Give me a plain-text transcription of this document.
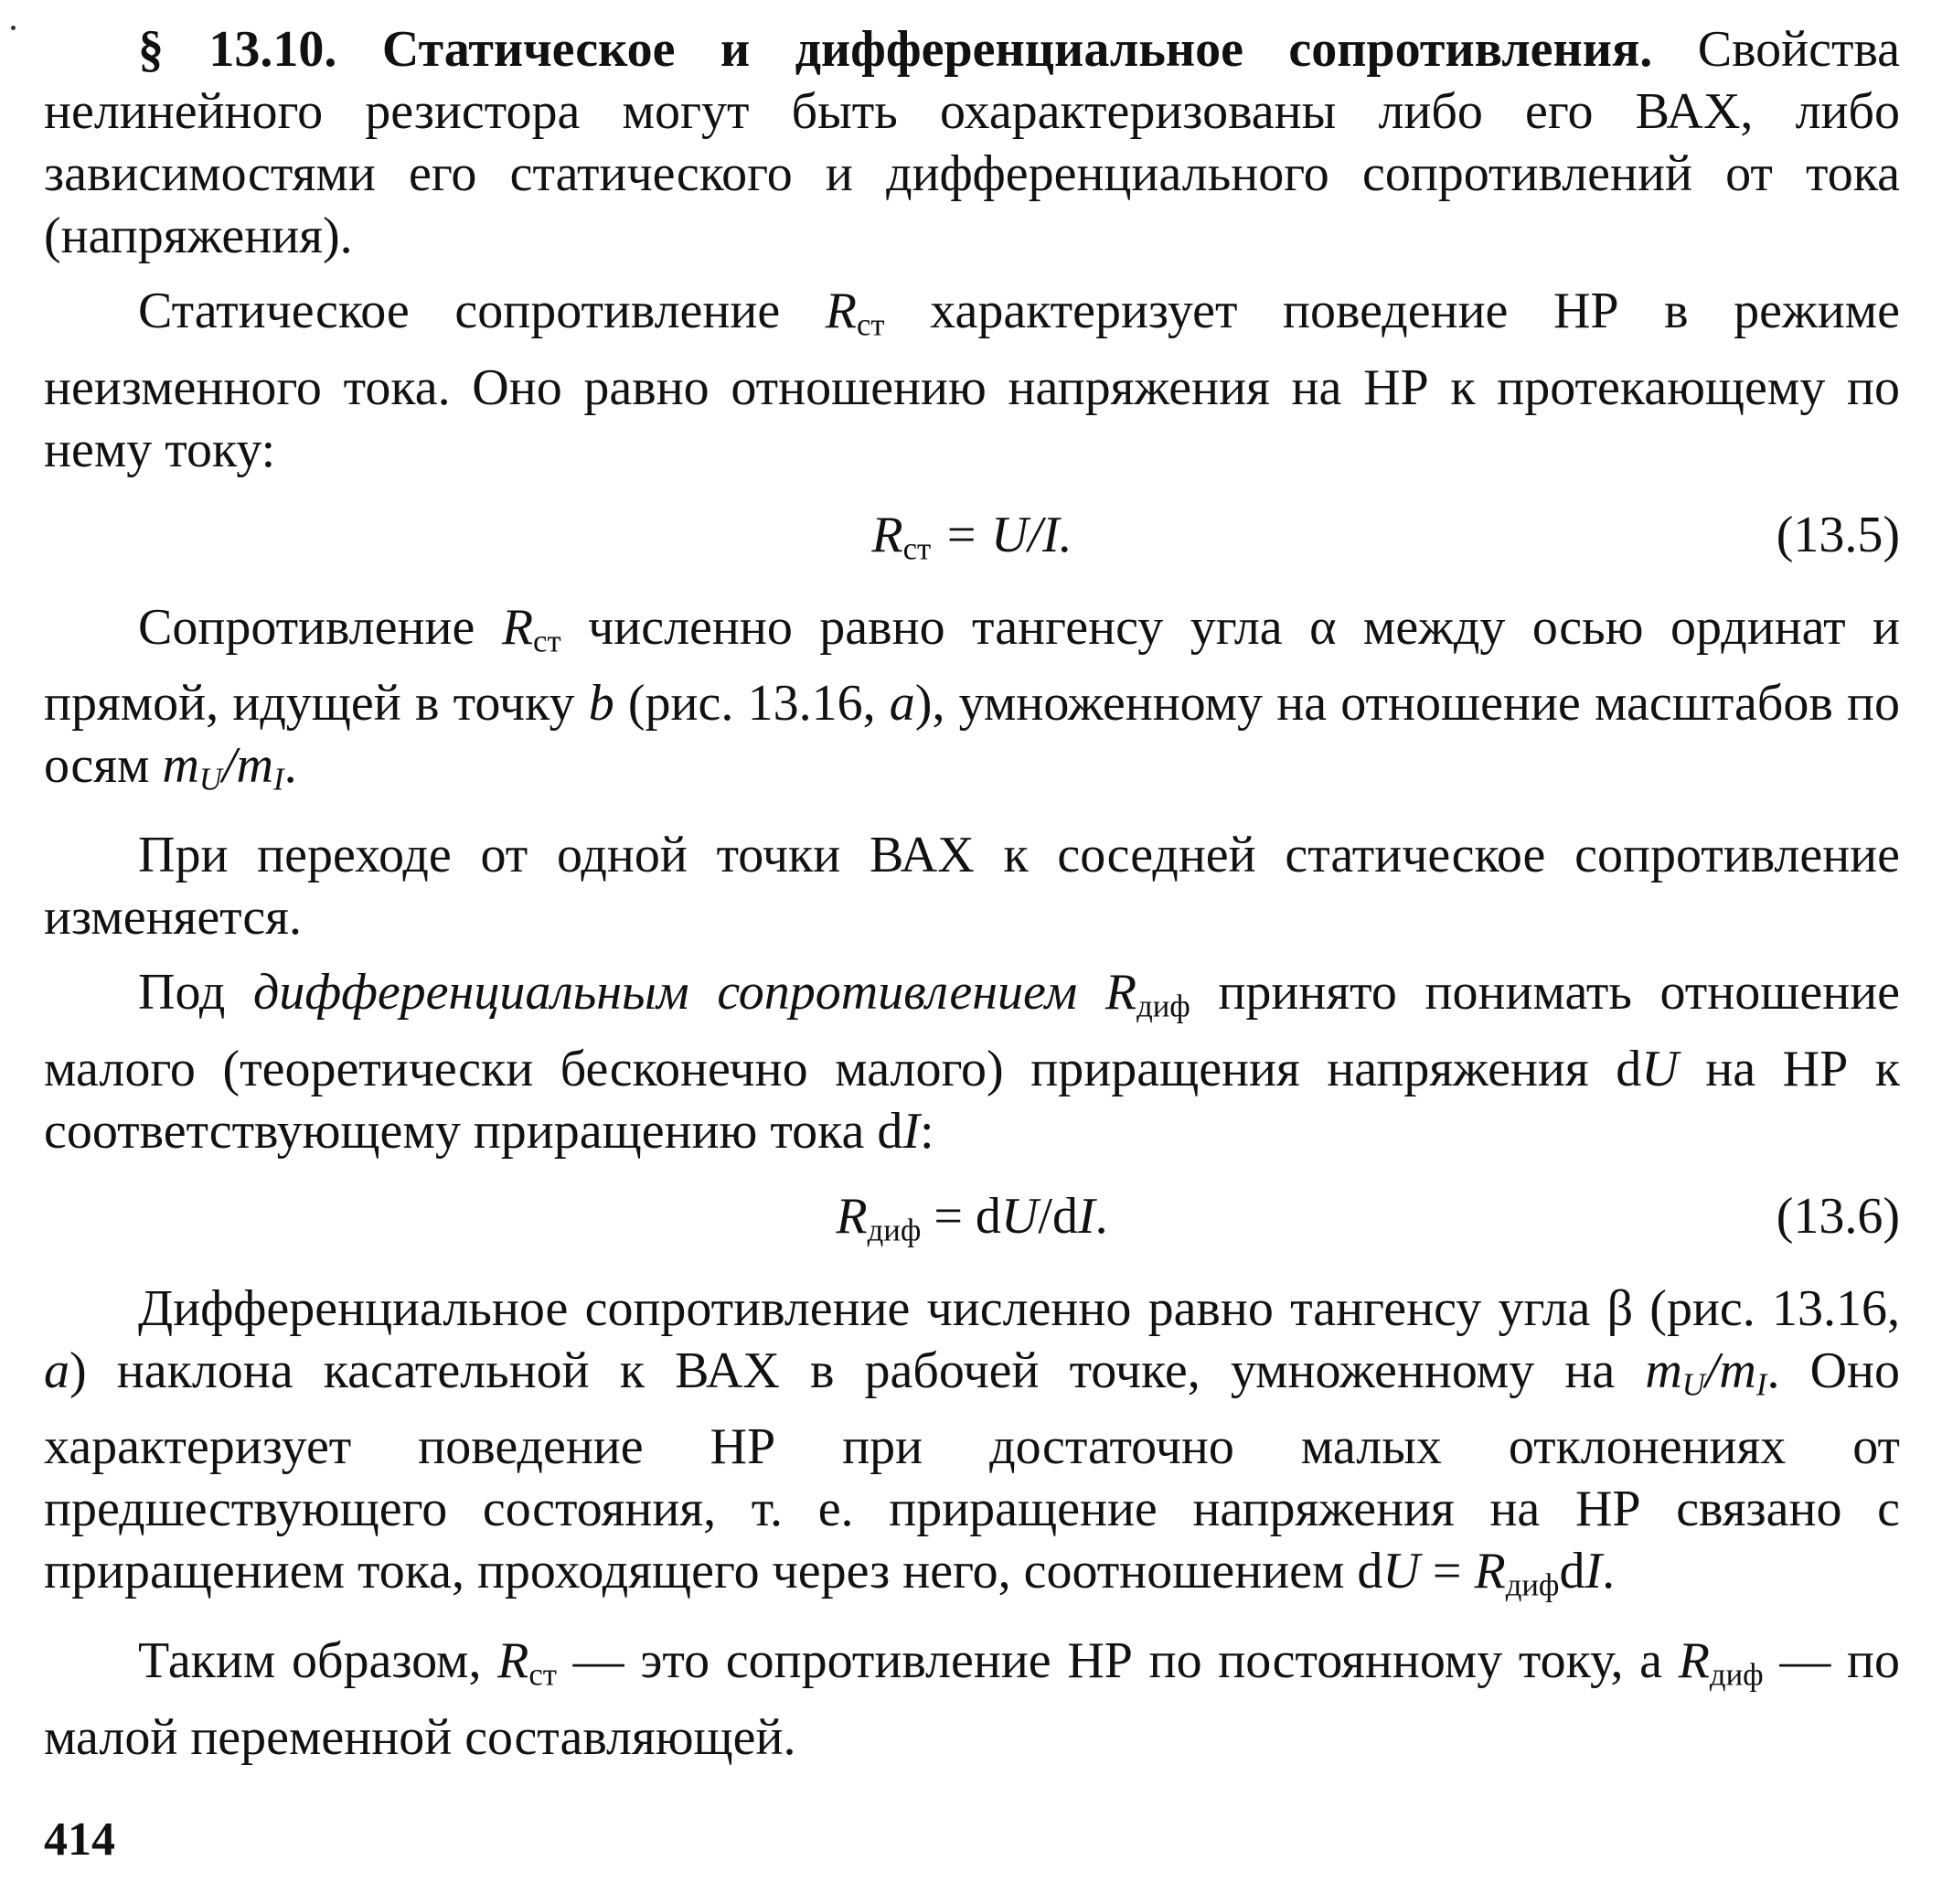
§ 13.10. Статическое и дифференциальное сопротивления. Свойства нелинейного резистора могут быть охарактеризованы либо его ВАХ, либо зависимостями его статического и дифференциального сопротивлений от тока (напряжения).

Статическое сопротивление $R_{ст}$ характеризует поведение НР в режиме неизменного тока. Оно равно отношению напряжения на НР к протекающему по нему току:

$R_{ст} = U/I$.	(13.5)

Сопротивление $R_{ст}$ численно равно тангенсу угла α между осью ординат и прямой, идущей в точку b (рис. 13.16, a), умноженному на отношение масштабов по осям $m_U/m_I$.

При переходе от одной точки ВАХ к соседней статическое сопротивление изменяется.

Под дифференциальным сопротивлением $R_{диф}$ принято понимать отношение малого (теоретически бесконечно малого) приращения напряжения dU на НР к соответствующему приращению тока dI:

$R_{диф} = dU/dI$.	(13.6)

Дифференциальное сопротивление численно равно тангенсу угла β (рис. 13.16, a) наклона касательной к ВАХ в рабочей точке, умноженному на $m_U/m_I$. Оно характеризует поведение НР при достаточно малых отклонениях от предшествующего состояния, т. е. приращение напряжения на НР связано с приращением тока, проходящего через него, соотношением dU = $R_{диф}dI$.

Таким образом, $R_{ст}$ — это сопротивление НР по постоянному току, а $R_{диф}$ — по малой переменной составляющей.

414
